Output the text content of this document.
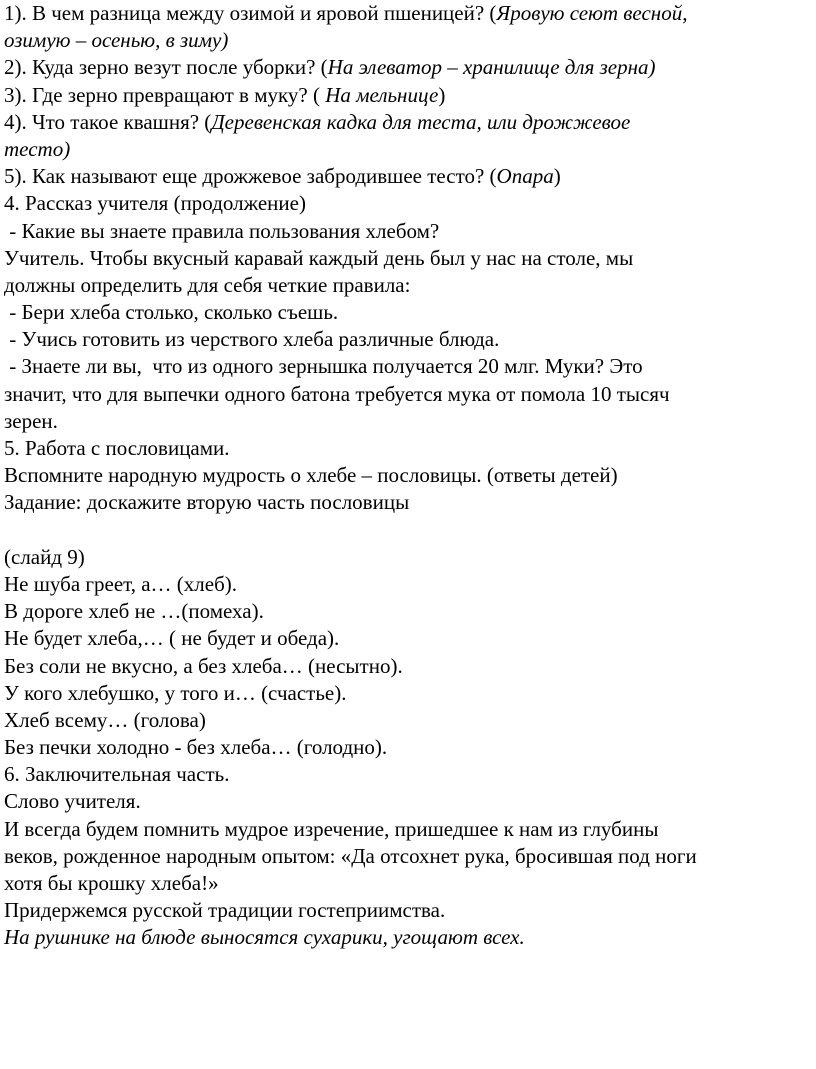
1). В чем разница между озимой и яровой пшеницей? (Яровую сеют весной,
озимую – осенью, в зиму)
2). Куда зерно везут после уборки? (На элеватор – хранилище для зерна)
3). Где зерно превращают в муку? ( На мельнице)
4). Что такое квашня? (Деревенская кадка для теста, или дрожжевое
тесто)
5). Как называют еще дрожжевое забродившее тесто? (Опара)
4. Рассказ учителя (продолжение)
- Какие вы знаете правила пользования хлебом?
Учитель. Чтобы вкусный каравай каждый день был у нас на столе, мы
должны определить для себя четкие правила:
- Бери хлеба столько, сколько съешь.
- Учись готовить из черствого хлеба различные блюда.
- Знаете ли вы,  что из одного зернышка получается 20 млг. Муки? Это
значит, что для выпечки одного батона требуется мука от помола 10 тысяч
зерен.
5. Работа с пословицами.
Вспомните народную мудрость о хлебе – пословицы. (ответы детей)
Задание: доскажите вторую часть пословицы
(слайд 9)
Не шуба греет, а… (хлеб).
В дороге хлеб не …(помеха).
Не будет хлеба,… ( не будет и обеда).
Без соли не вкусно, а без хлеба… (несытно).
У кого хлебушко, у того и… (счастье).
Хлеб всему… (голова)
Без печки холодно - без хлеба… (голодно).
6. Заключительная часть.
Слово учителя.
И всегда будем помнить мудрое изречение, пришедшее к нам из глубины
веков, рожденное народным опытом: «Да отсохнет рука, бросившая под ноги
хотя бы крошку хлеба!»
Придержемся русской традиции гостеприимства.
На рушнике на блюде выносятся сухарики, угощают всех.
